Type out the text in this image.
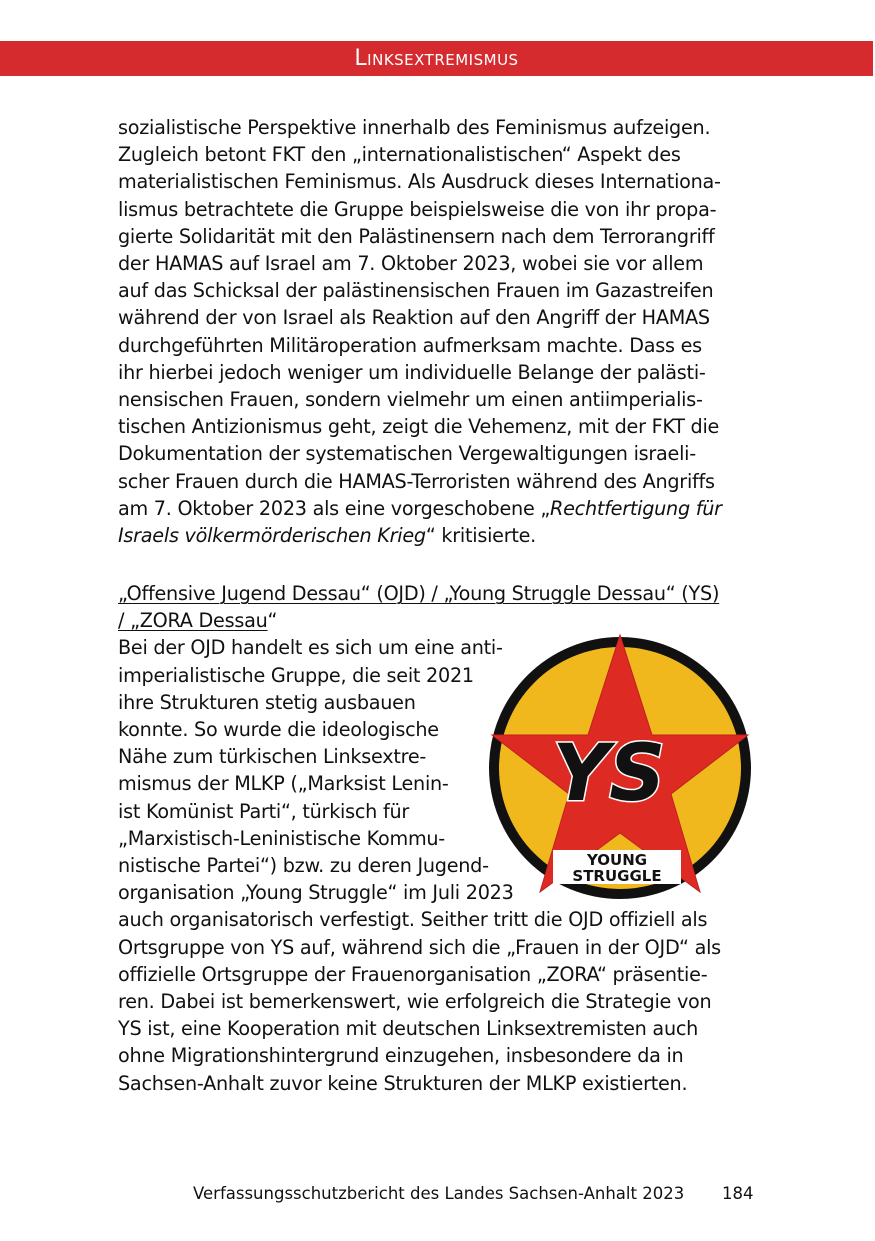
Linksextremismus
sozialistische Perspektive innerhalb des Feminismus aufzeigen.
Zugleich betont FKT den „internationalistischen“ Aspekt des
materialistischen Feminismus. Als Ausdruck dieses Internationa-
lismus betrachtete die Gruppe beispielsweise die von ihr propa-
gierte Solidarität mit den Palästinensern nach dem Terrorangriff
der HAMAS auf Israel am 7. Oktober 2023, wobei sie vor allem
auf das Schicksal der palästinensischen Frauen im Gazastreifen
während der von Israel als Reaktion auf den Angriff der HAMAS
durchgeführten Militäroperation aufmerksam machte. Dass es
ihr hierbei jedoch weniger um individuelle Belange der palästi-
nensischen Frauen, sondern vielmehr um einen antiimperialis-
tischen Antizionismus geht, zeigt die Vehemenz, mit der FKT die
Dokumentation der systematischen Vergewaltigungen israeli-
scher Frauen durch die HAMAS-Terroristen während des Angriffs
am 7. Oktober 2023 als eine vorgeschobene „Rechtfertigung für
Israels völkermörderischen Krieg“ kritisierte.
„Offensive Jugend Dessau“ (OJD) / „Young Struggle Dessau“ (YS)
/ „ZORA Dessau“
Bei der OJD handelt es sich um eine anti-
imperialistische Gruppe, die seit 2021
ihre Strukturen stetig ausbauen
konnte. So wurde die ideologische
Nähe zum türkischen Linksextre-
mismus der MLKP („Marksist Lenin-
ist Komünist Parti“, türkisch für
„Marxistisch-Leninistische Kommu-
nistische Partei“) bzw. zu deren Jugend-
organisation „Young Struggle“ im Juli 2023
auch organisatorisch verfestigt. Seither tritt die OJD offiziell als
Ortsgruppe von YS auf, während sich die „Frauen in der OJD“ als
offizielle Ortsgruppe der Frauenorganisation „ZORA“ präsentie-
ren. Dabei ist bemerkenswert, wie erfolgreich die Strategie von
YS ist, eine Kooperation mit deutschen Linksextremisten auch
ohne Migrationshintergrund einzugehen, insbesondere da in
Sachsen-Anhalt zuvor keine Strukturen der MLKP existierten.
YS
YOUNG
STRUGGLE
Verfassungsschutzbericht des Landes Sachsen-Anhalt 2023 184
